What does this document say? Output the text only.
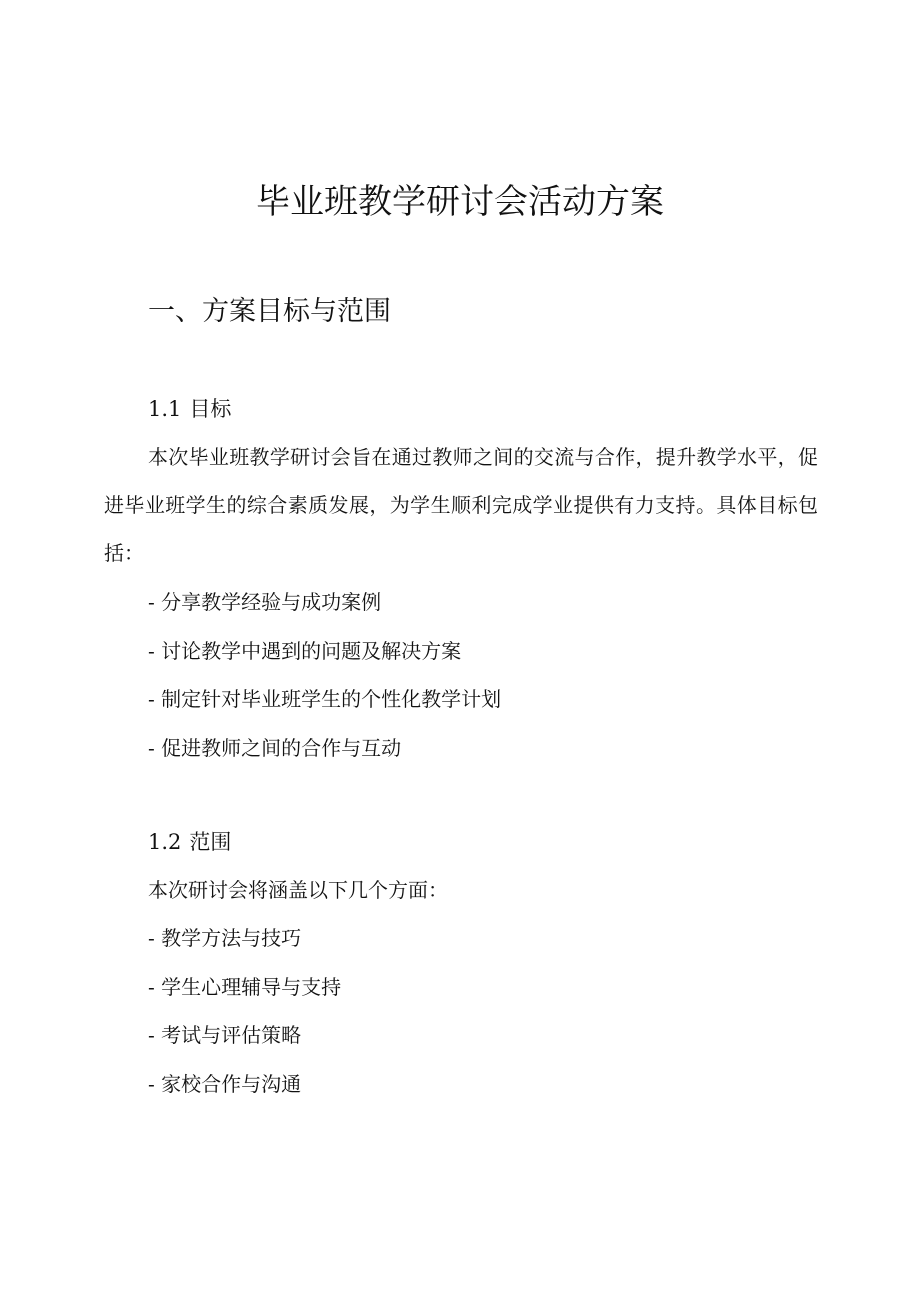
毕业班教学研讨会活动方案
一、方案目标与范围
1.1 目标

本次毕业班教学研讨会旨在通过教师之间的交流与合作，提升教学水平，促进毕业班学生的综合素质发展，为学生顺利完成学业提供有力支持。具体目标包括：

- 分享教学经验与成功案例
- 讨论教学中遇到的问题及解决方案
- 制定针对毕业班学生的个性化教学计划
- 促进教师之间的合作与互动
1.2 范围

本次研讨会将涵盖以下几个方面：

- 教学方法与技巧
- 学生心理辅导与支持
- 考试与评估策略
- 家校合作与沟通
